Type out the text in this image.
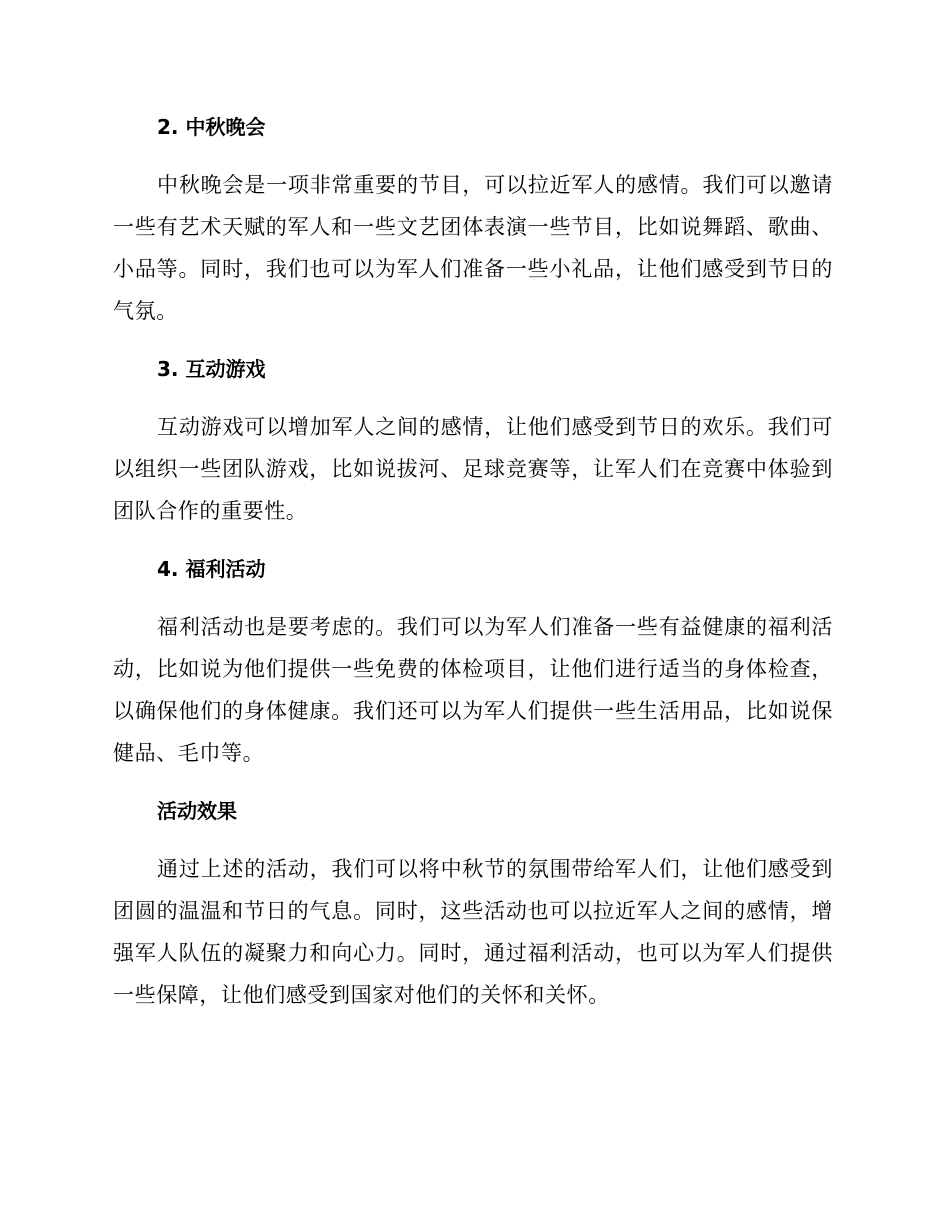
2. 中秋晚会

中秋晚会是一项非常重要的节目，可以拉近军人的感情。我们可以邀请一些有艺术天赋的军人和一些文艺团体表演一些节目，比如说舞蹈、歌曲、小品等。同时，我们也可以为军人们准备一些小礼品，让他们感受到节日的气氛。

3. 互动游戏

互动游戏可以增加军人之间的感情，让他们感受到节日的欢乐。我们可以组织一些团队游戏，比如说拔河、足球竞赛等，让军人们在竞赛中体验到团队合作的重要性。

4. 福利活动

福利活动也是要考虑的。我们可以为军人们准备一些有益健康的福利活动，比如说为他们提供一些免费的体检项目，让他们进行适当的身体检查，以确保他们的身体健康。我们还可以为军人们提供一些生活用品，比如说保健品、毛巾等。

活动效果

通过上述的活动，我们可以将中秋节的氛围带给军人们，让他们感受到团圆的温温和节日的气息。同时，这些活动也可以拉近军人之间的感情，增强军人队伍的凝聚力和向心力。同时，通过福利活动，也可以为军人们提供一些保障，让他们感受到国家对他们的关怀和关怀。
